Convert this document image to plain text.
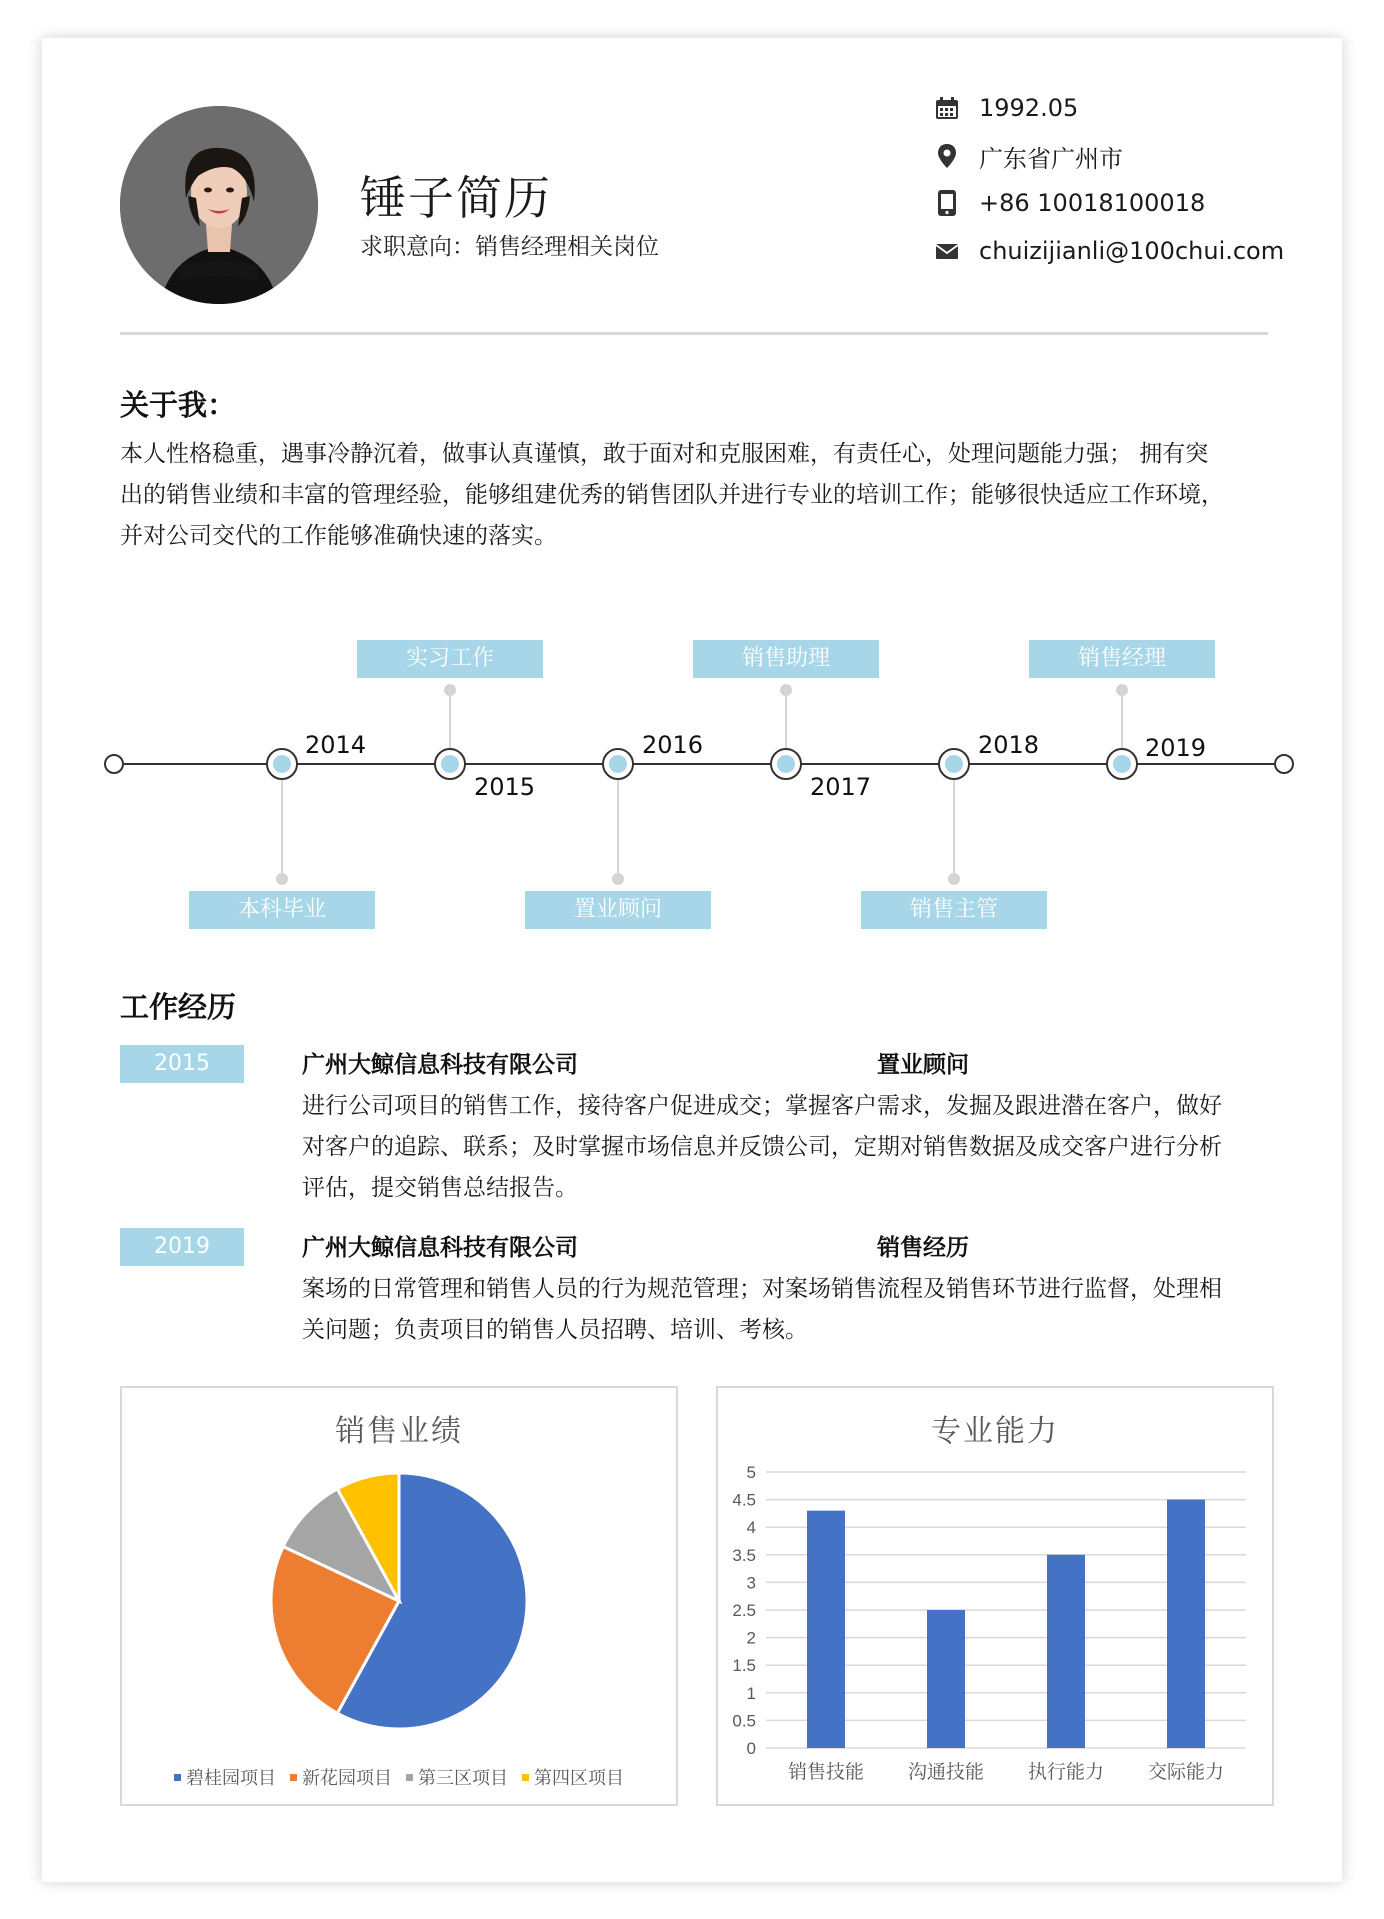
锤子简历
求职意向：销售经理相关岗位
1992.05
广东省广州市
+86 10018100018
chuizijianli@100chui.com
关于我：
本人性格稳重，遇事冷静沉着，做事认真谨慎，敢于面对和克服困难，有责任心，处理问题能力强； 拥有突
出的销售业绩和丰富的管理经验，能够组建优秀的销售团队并进行专业的培训工作；能够很快适应工作环境，
并对公司交代的工作能够准确快速的落实。
2014
2015
2016
2017
2018	2019
实习工作	销售助理	销售经理
本科毕业	置业顾问	销售主管
工作经历
2015	广州大鲸信息科技有限公司	置业顾问
进行公司项目的销售工作，接待客户促进成交；掌握客户需求，发掘及跟进潜在客户，做好
对客户的追踪、联系；及时掌握市场信息并反馈公司，定期对销售数据及成交客户进行分析
评估，提交销售总结报告。
2019	广州大鲸信息科技有限公司	销售经历
案场的日常管理和销售人员的行为规范管理；对案场销售流程及销售环节进行监督，处理相
关问题；负责项目的销售人员招聘、培训、考核。
销售业绩
碧桂园项目 新花园项目 第三区项目 第四区项目
专业能力
0
0.5
1
1.5
2
2.5
3
3.5
4
4.5
5
销售技能 沟通技能 执行能力 交际能力
